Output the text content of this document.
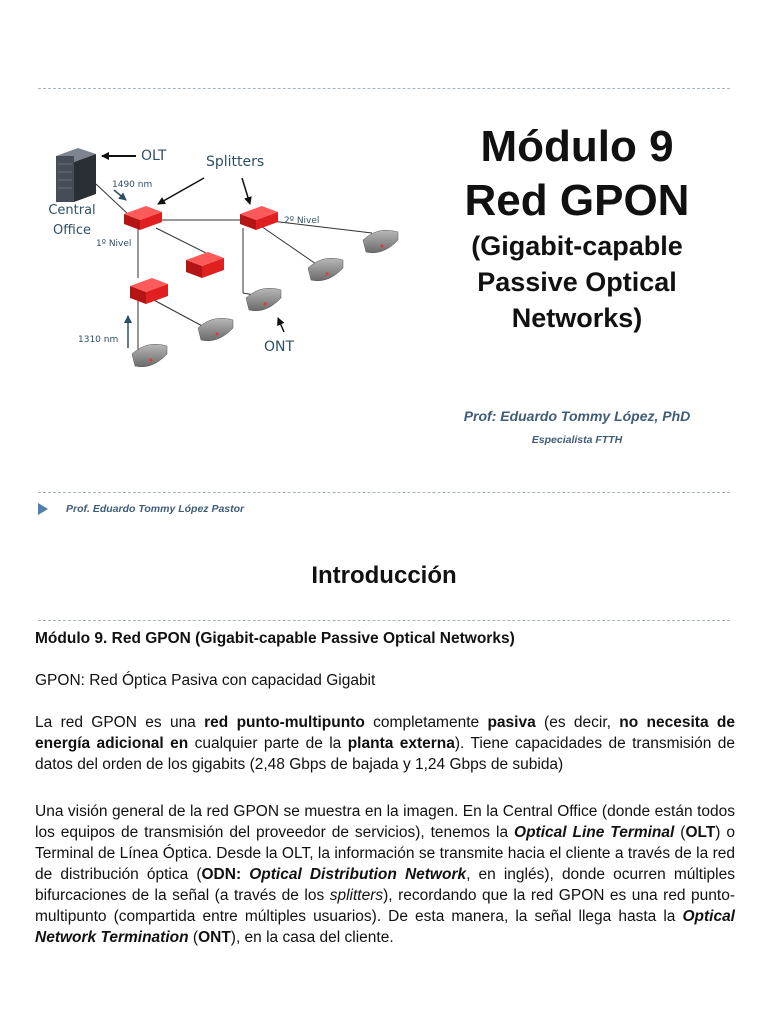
OLT	Splitters
1490 nm
Central
Office
2º Nivel
1º Nivel
1310 nm	ONT
Módulo 9
Red GPON
(Gigabit-capable
Passive Optical
Networks)
Prof: Eduardo Tommy López, PhD
Especialista FTTH
Prof. Eduardo Tommy López Pastor
Introducción

Módulo 9. Red GPON (Gigabit-capable Passive Optical Networks)

GPON: Red Óptica Pasiva con capacidad Gigabit

La red GPON es una red punto-multipunto completamente pasiva (es decir, no necesita de energía adicional en cualquier parte de la planta externa). Tiene capacidades de transmisión de datos del orden de los gigabits (2,48 Gbps de bajada y 1,24 Gbps de subida)

Una visión general de la red GPON se muestra en la imagen. En la Central Office (donde están todos los equipos de transmisión del proveedor de servicios), tenemos la Optical Line Terminal (OLT) o Terminal de Línea Óptica. Desde la OLT, la información se transmite hacia el cliente a través de la red de distribución óptica (ODN: Optical Distribution Network, en inglés), donde ocurren múltiples bifurcaciones de la señal (a través de los splitters), recordando que la red GPON es una red punto-multipunto (compartida entre múltiples usuarios). De esta manera, la señal llega hasta la Optical Network Termination (ONT), en la casa del cliente.
